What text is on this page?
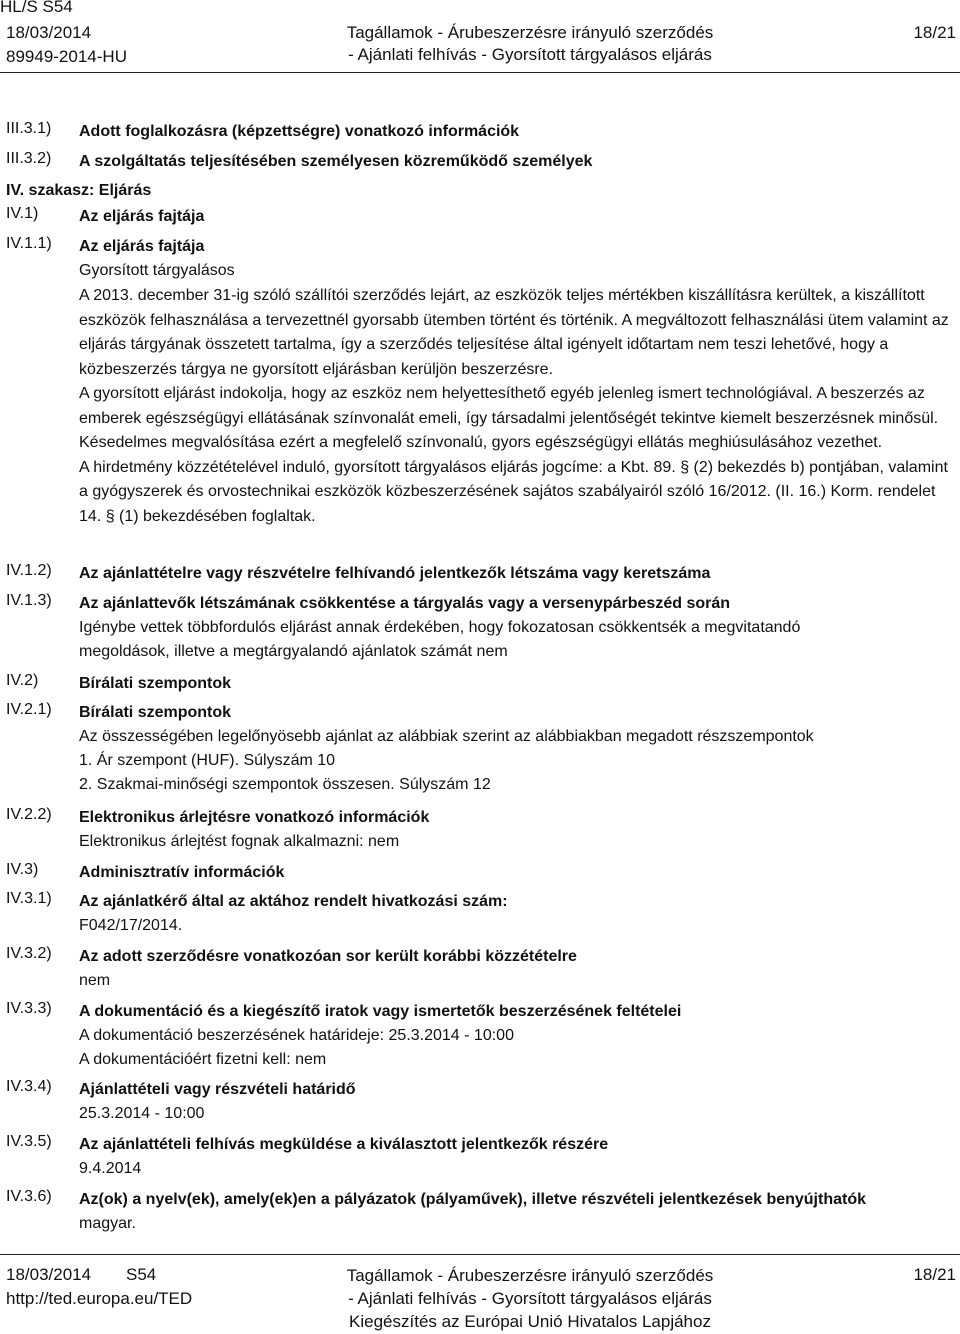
HL/S S54
18/03/2014
89949-2014-HU
Tagállamok - Árubeszerzésre irányuló szerződés
- Ajánlati felhívás - Gyorsított tárgyalásos eljárás
18/21
III.3.1) Adott foglalkozásra (képzettségre) vonatkozó információk
III.3.2) A szolgáltatás teljesítésében személyesen közreműködő személyek
IV. szakasz: Eljárás
IV.1)	Az eljárás fajtája
IV.1.1) Az eljárás fajtája
Gyorsított tárgyalásos
A 2013. december 31-ig szóló szállítói szerződés lejárt, az eszközök teljes mértékben kiszállításra kerültek, a kiszállított eszközök felhasználása a tervezettnél gyorsabb ütemben történt és történik. A megváltozott felhasználási ütem valamint az eljárás tárgyának összetett tartalma, így a szerződés teljesítése által igényelt időtartam nem teszi lehetővé, hogy a közbeszerzés tárgya ne gyorsított eljárásban kerüljön beszerzésre.
A gyorsított eljárást indokolja, hogy az eszköz nem helyettesíthető egyéb jelenleg ismert technológiával. A beszerzés az emberek egészségügyi ellátásának színvonalát emeli, így társadalmi jelentőségét tekintve kiemelt beszerzésnek minősül. Késedelmes megvalósítása ezért a megfelelő színvonalú, gyors egészségügyi ellátás meghiúsulásához vezethet.
A hirdetmény közzétételével induló, gyorsított tárgyalásos eljárás jogcíme: a Kbt. 89. § (2) bekezdés b) pontjában, valamint a gyógyszerek és orvostechnikai eszközök közbeszerzésének sajátos szabályairól szóló 16/2012. (II. 16.) Korm. rendelet 14. § (1) bekezdésében foglaltak.
IV.1.2) Az ajánlattételre vagy részvételre felhívandó jelentkezők létszáma vagy keretszáma
IV.1.3) Az ajánlattevők létszámának csökkentése a tárgyalás vagy a versenypárbeszéd során
Igénybe vettek többfordulós eljárást annak érdekében, hogy fokozatosan csökkentsék a megvitatandó
megoldások, illetve a megtárgyalandó ajánlatok számát nem
IV.2)	Bírálati szempontok
IV.2.1) Bírálati szempontok
Az összességében legelőnyösebb ajánlat az alábbiak szerint az alábbiakban megadott részszempontok
1. Ár szempont (HUF). Súlyszám 10
2. Szakmai-minőségi szempontok összesen. Súlyszám 12
IV.2.2) Elektronikus árlejtésre vonatkozó információk
Elektronikus árlejtést fognak alkalmazni: nem
IV.3)	Adminisztratív információk
IV.3.1) Az ajánlatkérő által az aktához rendelt hivatkozási szám:
F042/17/2014.
IV.3.2) Az adott szerződésre vonatkozóan sor került korábbi közzétételre
nem
IV.3.3) A dokumentáció és a kiegészítő iratok vagy ismertetők beszerzésének feltételei
A dokumentáció beszerzésének határideje: 25.3.2014 - 10:00
A dokumentációért fizetni kell: nem
IV.3.4) Ajánlattételi vagy részvételi határidő
25.3.2014 - 10:00
IV.3.5) Az ajánlattételi felhívás megküldése a kiválasztott jelentkezők részére
9.4.2014
IV.3.6) Az(ok) a nyelv(ek), amely(ek)en a pályázatok (pályaművek), illetve részvételi jelentkezések benyújthatók
magyar.
18/03/2014 S54
http://ted.europa.eu/TED
Tagállamok - Árubeszerzésre irányuló szerződés
- Ajánlati felhívás - Gyorsított tárgyalásos eljárás
Kiegészítés az Európai Unió Hivatalos Lapjához
18/21
